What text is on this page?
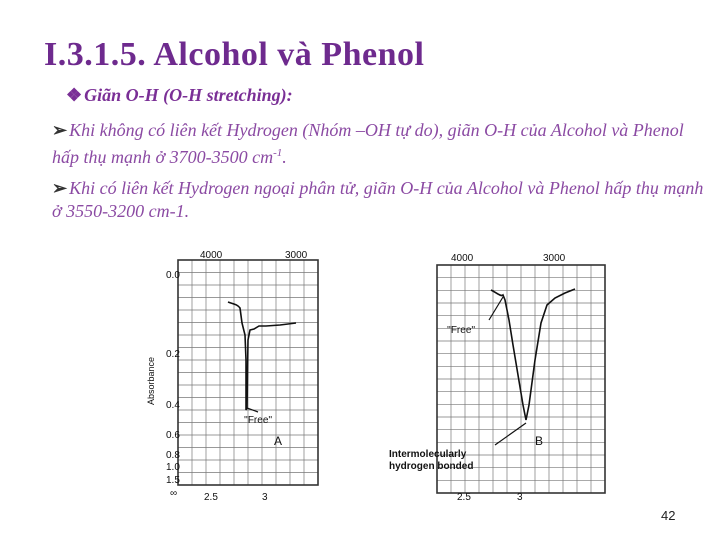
I.3.1.5. Alcohol và Phenol
❖ Giãn O-H (O-H stretching):
➢ Khi không có liên kết Hydrogen (Nhóm –OH tự do), giãn O-H của Alcohol và Phenol hấp thụ mạnh ở 3700-3500 $cm^{-1}$.
➢ Khi có liên kết Hydrogen ngoại phân tử, giãn O-H của Alcohol và Phenol hấp thụ mạnh ở 3550-3200 cm-1.
4000	3000
0.0
0.2
0.4
0.6
0.8
1.0
1.5
∞
Absorbance
2.5	3
''Free''
A
4000	3000
2.5	3
''Free''
Intermolecularly
hydrogen bonded
B
42
